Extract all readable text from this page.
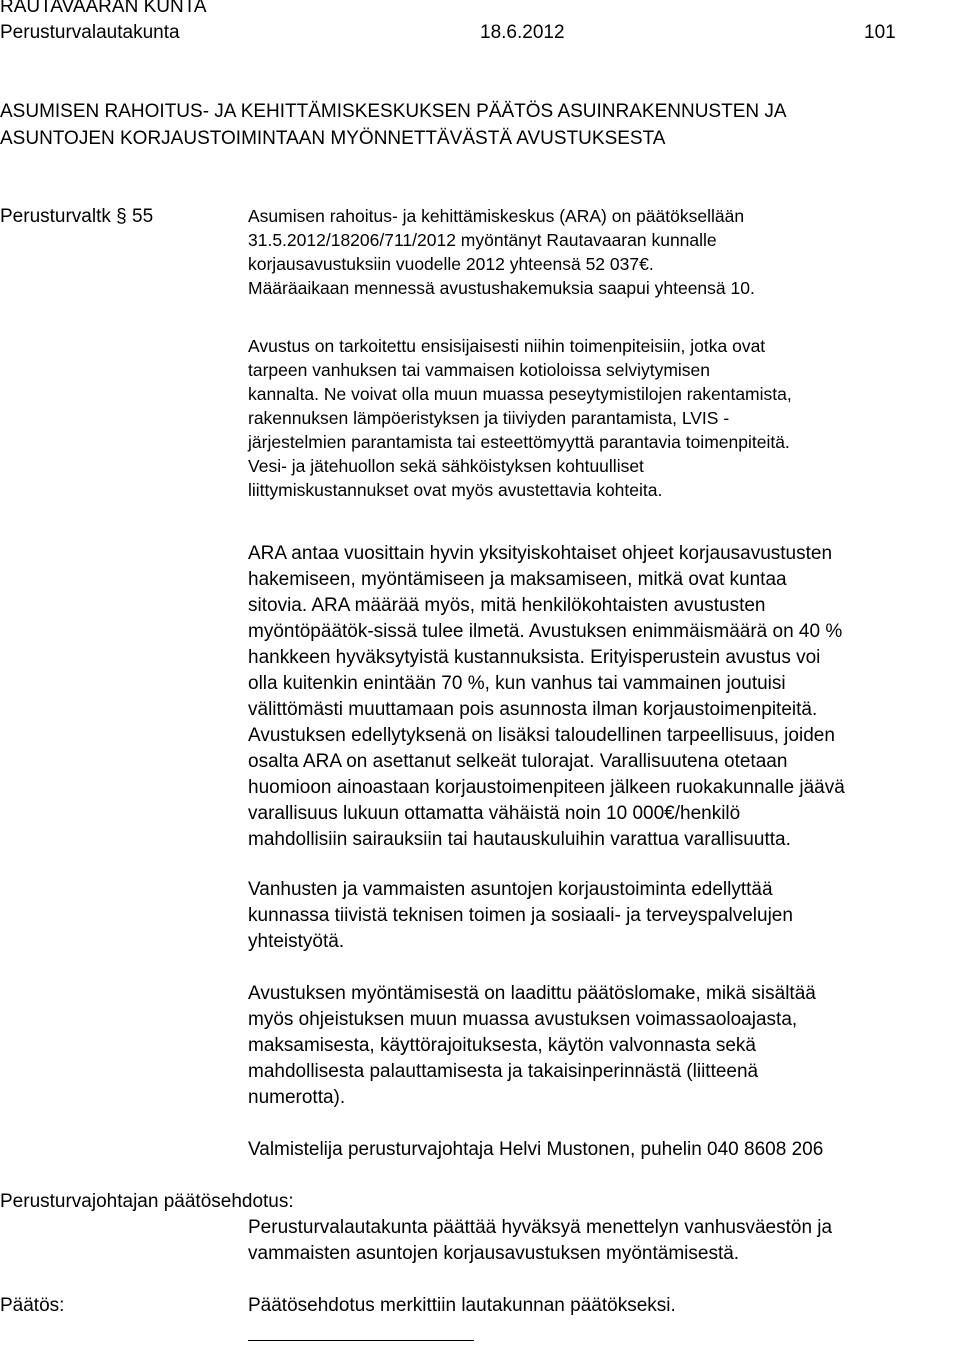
RAUTAVAARAN KUNTA
Perusturvalautakunta	18.6.2012	101
ASUMISEN RAHOITUS- JA KEHITTÄMISKESKUKSEN PÄÄTÖS ASUINRAKENNUSTEN JA
ASUNTOJEN KORJAUSTOIMINTAAN MYÖNNETTÄVÄSTÄ AVUSTUKSESTA
Perusturvaltk § 55	Asumisen rahoitus- ja kehittämiskeskus (ARA) on päätöksellään
31.5.2012/18206/711/2012 myöntänyt Rautavaaran kunnalle
korjausavustuksiin vuodelle 2012 yhteensä 52 037€.
Määräaikaan mennessä avustushakemuksia saapui yhteensä 10.
Avustus on tarkoitettu ensisijaisesti niihin toimenpiteisiin, jotka ovat
tarpeen vanhuksen tai vammaisen kotioloissa selviytymisen
kannalta. Ne voivat olla muun muassa peseytymistilojen rakentamista,
rakennuksen lämpöeristyksen ja tiiviyden parantamista, LVIS -
järjestelmien parantamista tai esteettömyyttä parantavia toimenpiteitä.
Vesi- ja jätehuollon sekä sähköistyksen kohtuulliset
liittymiskustannukset ovat myös avustettavia kohteita.
ARA antaa vuosittain hyvin yksityiskohtaiset ohjeet korjausavustusten
hakemiseen, myöntämiseen ja maksamiseen, mitkä ovat kuntaa
sitovia. ARA määrää myös, mitä henkilökohtaisten avustusten
myöntöpäätök-sissä tulee ilmetä. Avustuksen enimmäismäärä on 40 %
hankkeen hyväksytyistä kustannuksista. Erityisperustein avustus voi
olla kuitenkin enintään 70 %, kun vanhus tai vammainen joutuisi
välittömästi muuttamaan pois asunnosta ilman korjaustoimenpiteitä.
Avustuksen edellytyksenä on lisäksi taloudellinen tarpeellisuus, joiden
osalta ARA on asettanut selkeät tulorajat. Varallisuutena otetaan
huomioon ainoastaan korjaustoimenpiteen jälkeen ruokakunnalle jäävä
varallisuus lukuun ottamatta vähäistä noin 10 000€/henkilö
mahdollisiin sairauksiin tai hautauskuluihin varattua varallisuutta.
Vanhusten ja vammaisten asuntojen korjaustoiminta edellyttää
kunnassa tiivistä teknisen toimen ja sosiaali- ja terveyspalvelujen
yhteistyötä.
Avustuksen myöntämisestä on laadittu päätöslomake, mikä sisältää
myös ohjeistuksen muun muassa avustuksen voimassaoloajasta,
maksamisesta, käyttörajoituksesta, käytön valvonnasta sekä
mahdollisesta palauttamisesta ja takaisinperinnästä (liitteenä
numerotta).
Valmistelija perusturvajohtaja Helvi Mustonen, puhelin 040 8608 206
Perusturvajohtajan päätösehdotus:
Perusturvalautakunta päättää hyväksyä menettelyn vanhusväestön ja
vammaisten asuntojen korjausavustuksen myöntämisestä.
Päätös:	Päätösehdotus merkittiin lautakunnan päätökseksi.
